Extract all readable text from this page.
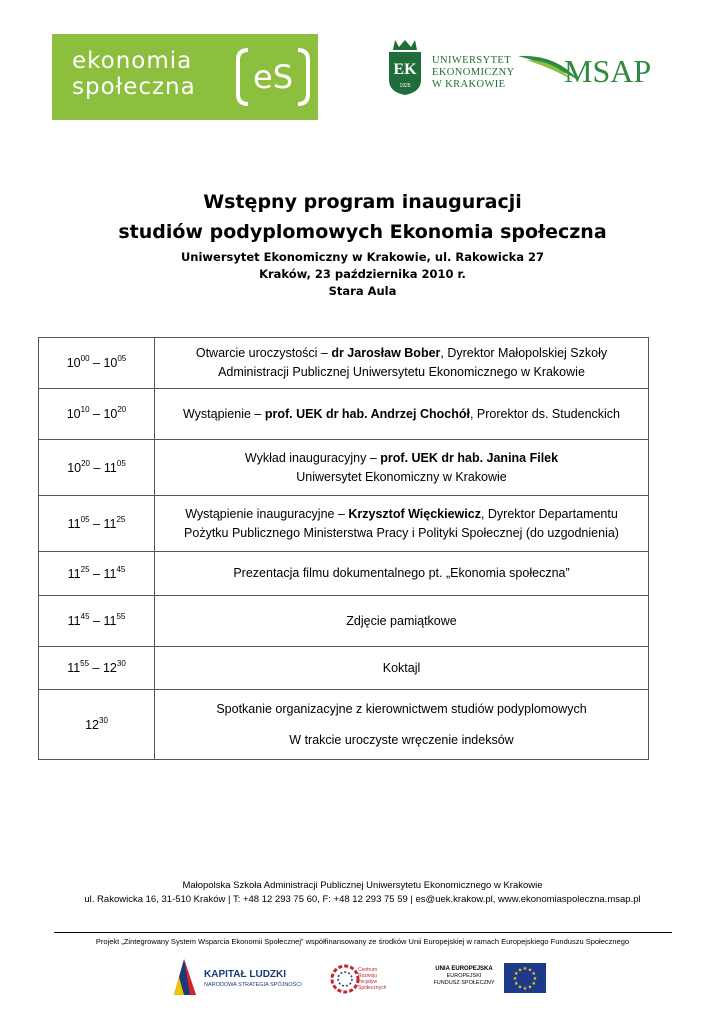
ekonomia
społeczna eS	EK
1925
UNIWERSYTET
EKONOMICZNY
W KRAKOWIE MSAP
Wstępny program inauguracji
studiów podyplomowych Ekonomia społeczna
Uniwersytet Ekonomiczny w Krakowie, ul. Rakowicka 27
Kraków, 23 października 2010 r.
Stara Aula
$10^{00} - 10^{05}$	Otwarcie uroczystości – dr Jarosław Bober, Dyrektor Małopolskiej Szkoły Administracji Publicznej Uniwersytetu Ekonomicznego w Krakowie
$10^{10} - 10^{20}$	Wystąpienie – prof. UEK dr hab. Andrzej Chochół, Prorektor ds. Studenckich
$10^{20} - 11^{05}$	Wykład inauguracyjny – prof. UEK dr hab. Janina Filek
Uniwersytet Ekonomiczny w Krakowie
$11^{05} - 11^{25}$	Wystąpienie inauguracyjne – Krzysztof Więckiewicz, Dyrektor Departamentu Pożytku Publicznego Ministerstwa Pracy i Polityki Społecznej (do uzgodnienia)
$11^{25} - 11^{45}$	Prezentacja filmu dokumentalnego pt. „Ekonomia społeczna”
$11^{45} - 11^{55}$	Zdjęcie pamiątkowe
$11^{55} - 12^{30}$	Koktajl
$12^{30}$	Spotkanie organizacyjne z kierownictwem studiów podyplomowych
W trakcie uroczyste wręczenie indeksów
Małopolska Szkoła Administracji Publicznej Uniwersytetu Ekonomicznego w Krakowie
ul. Rakowicka 16, 31-510 Kraków | T: +48 12 293 75 60, F: +48 12 293 75 59 | es@uek.krakow.pl, www.ekonomiaspoleczna.msap.pl
Projekt „Zintegrowany System Wsparcia Ekonomii Społecznej” współfinansowany ze środków Unii Europejskiej w ramach Europejskiego Funduszu Społecznego
KAPITAŁ LUDZKI
NARODOWA STRATEGIA SPÓJNOŚCI
Centrum
Rozwoju
Inicjatyw
Społecznych
UNIA EUROPEJSKA
EUROPEJSKI
FUNDUSZ SPOŁECZNY
★ ★
★
★
★
★
★
★
★
★
★
★
